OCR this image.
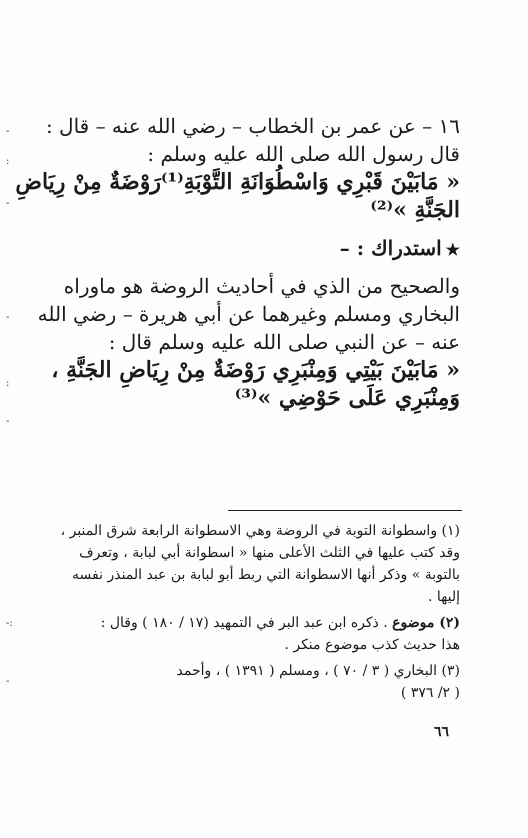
-
:
-
-
:
-
-:
-
١٦ – عن عمر بن الخطاب – رضي الله عنه – قال :
قال رسول الله صلى الله عليه وسلم :
« مَابَيْنَ قَبْرِي وَاسْطُوَانَةِ التَّوْبَةِ⁽¹⁾رَوْضَةٌ مِنْ رِيَاضِ
الجَنَّةِ »⁽²⁾
★استدراك : –
والصحيح من الذي في أحاديث الروضة هو ماوراه
البخاري ومسلم وغيرهما عن أبي هريرة – رضي الله
عنه – عن النبي صلى الله عليه وسلم قال :
« مَابَيْنَ بَيْتِي وَمِنْبَرِي رَوْضَةٌ مِنْ رِيَاضِ الجَنَّةِ ،
وَمِنْبَرِي عَلَى حَوْضِي »⁽³⁾
(١) واسطوانة التوبة في الروضة وهي الاسطوانة الرابعة شرق المنبر ،
وقد كتب عليها في الثلث الأعلى منها « اسطوانة أبي لبابة ، وتعرف
بالتوبة » وذكر أنها الاسطوانة التي ربط أبو لبابة بن عبد المنذر نفسه
إليها .
(٢) موضوع . ذكره ابن عبد البر في التمهيد (١٧ / ١٨٠ ) وقال :
هذا حديث كذب موضوع منكر .
(٣) البخاري ( ٣ / ٧٠ ) ، ومسلم ( ١٣٩١ ) ، وأحمد
( ٢/ ٣٧٦ )
٦٦
